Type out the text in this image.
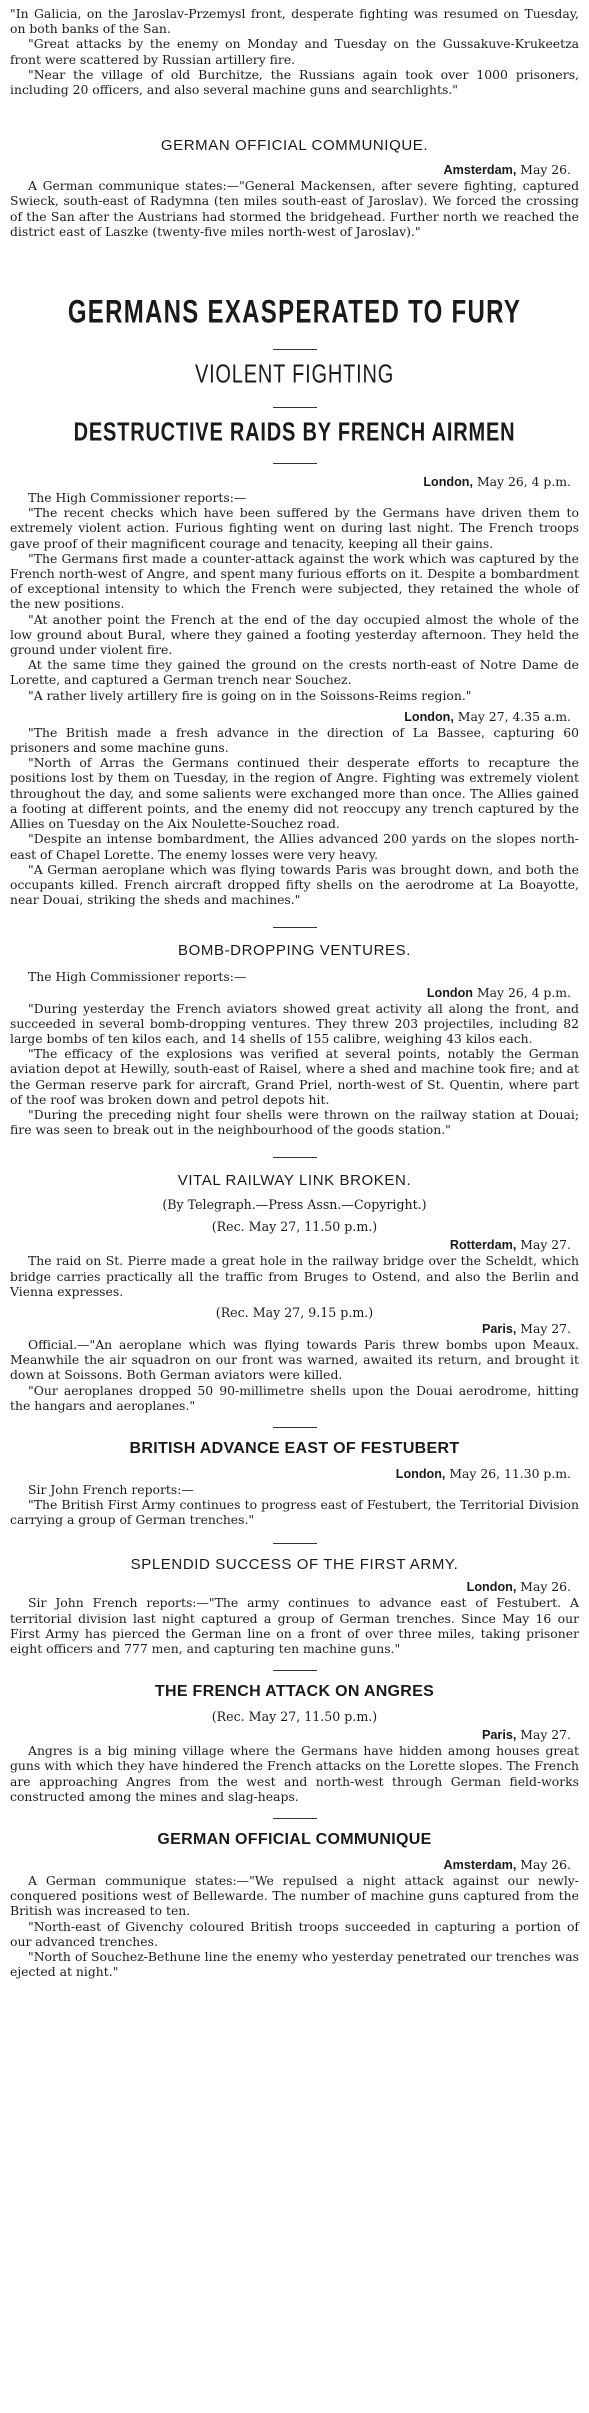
"In Galicia, on the Jaroslav-Przemysl front, desperate fighting was resumed on Tuesday, on both banks of the San.

"Great attacks by the enemy on Monday and Tuesday on the Gussakuve-Krukeetza front were scattered by Russian artillery fire.

"Near the village of old Burchitze, the Russians again took over 1000 prisoners, including 20 officers, and also several machine guns and searchlights."

GERMAN OFFICIAL COMMUNIQUE.
Amsterdam, May 26.

A German communique states:—"General Mackensen, after severe fighting, captured Swieck, south-east of Radymna (ten miles south-east of Jaroslav). We forced the crossing of the San after the Austrians had stormed the bridgehead. Further north we reached the district east of Laszke (twenty-five miles north-west of Jaroslav)."

GERMANS EXASPERATED TO FURY
VIOLENT FIGHTING
DESTRUCTIVE RAIDS BY FRENCH AIRMEN
London, May 26, 4 p.m.

The High Commissioner reports:—

"The recent checks which have been suffered by the Germans have driven them to extremely violent action. Furious fighting went on during last night. The French troops gave proof of their magnificent courage and tenacity, keeping all their gains.

"The Germans first made a counter-attack against the work which was captured by the French north-west of Angre, and spent many furious efforts on it. Despite a bombardment of exceptional intensity to which the French were subjected, they retained the whole of the new positions.

"At another point the French at the end of the day occupied almost the whole of the low ground about Bural, where they gained a footing yesterday afternoon. They held the ground under violent fire.

At the same time they gained the ground on the crests north-east of Notre Dame de Lorette, and captured a German trench near Souchez.

"A rather lively artillery fire is going on in the Soissons-Reims region."

London, May 27, 4.35 a.m.

"The British made a fresh advance in the direction of La Bassee, capturing 60 prisoners and some machine guns.

"North of Arras the Germans continued their desperate efforts to recapture the positions lost by them on Tuesday, in the region of Angre. Fighting was extremely violent throughout the day, and some salients were exchanged more than once. The Allies gained a footing at different points, and the enemy did not reoccupy any trench captured by the Allies on Tuesday on the Aix Noulette-Souchez road.

"Despite an intense bombardment, the Allies advanced 200 yards on the slopes north-east of Chapel Lorette. The enemy losses were very heavy.

"A German aeroplane which was flying towards Paris was brought down, and both the occupants killed. French aircraft dropped fifty shells on the aerodrome at La Boayotte, near Douai, striking the sheds and machines."

BOMB-DROPPING VENTURES.

The High Commissioner reports:—

London May 26, 4 p.m.

"During yesterday the French aviators showed great activity all along the front, and succeeded in several bomb-dropping ventures. They threw 203 projectiles, including 82 large bombs of ten kilos each, and 14 shells of 155 calibre, weighing 43 kilos each.

"The efficacy of the explosions was verified at several points, notably the German aviation depot at Hewilly, south-east of Raisel, where a shed and machine took fire; and at the German reserve park for aircraft, Grand Priel, north-west of St. Quentin, where part of the roof was broken down and petrol depots hit.

"During the preceding night four shells were thrown on the railway station at Douai; fire was seen to break out in the neighbourhood of the goods station."

VITAL RAILWAY LINK BROKEN.
(By Telegraph.—Press Assn.—Copyright.)
(Rec. May 27, 11.50 p.m.)
Rotterdam, May 27.

The raid on St. Pierre made a great hole in the railway bridge over the Scheldt, which bridge carries practically all the traffic from Bruges to Ostend, and also the Berlin and Vienna expresses.

(Rec. May 27, 9.15 p.m.)
Paris, May 27.

Official.—"An aeroplane which was flying towards Paris threw bombs upon Meaux. Meanwhile the air squadron on our front was warned, awaited its return, and brought it down at Soissons. Both German aviators were killed.

"Our aeroplanes dropped 50 90-millimetre shells upon the Douai aerodrome, hitting the hangars and aeroplanes."

BRITISH ADVANCE EAST OF FESTUBERT
London, May 26, 11.30 p.m.

Sir John French reports:—

"The British First Army continues to progress east of Festubert, the Territorial Division carrying a group of German trenches."

SPLENDID SUCCESS OF THE FIRST ARMY.
London, May 26.

Sir John French reports:—"The army continues to advance east of Festubert. A territorial division last night captured a group of German trenches. Since May 16 our First Army has pierced the German line on a front of over three miles, taking prisoner eight officers and 777 men, and capturing ten machine guns."

THE FRENCH ATTACK ON ANGRES
(Rec. May 27, 11.50 p.m.)
Paris, May 27.

Angres is a big mining village where the Germans have hidden among houses great guns with which they have hindered the French attacks on the Lorette slopes. The French are approaching Angres from the west and north-west through German field-works constructed among the mines and slag-heaps.

GERMAN OFFICIAL COMMUNIQUE
Amsterdam, May 26.

A German communique states:—"We repulsed a night attack against our newly-conquered positions west of Bellewarde. The number of machine guns captured from the British was increased to ten.

"North-east of Givenchy coloured British troops succeeded in capturing a portion of our advanced trenches.

"North of Souchez-Bethune line the enemy who yesterday penetrated our trenches was ejected at night."
